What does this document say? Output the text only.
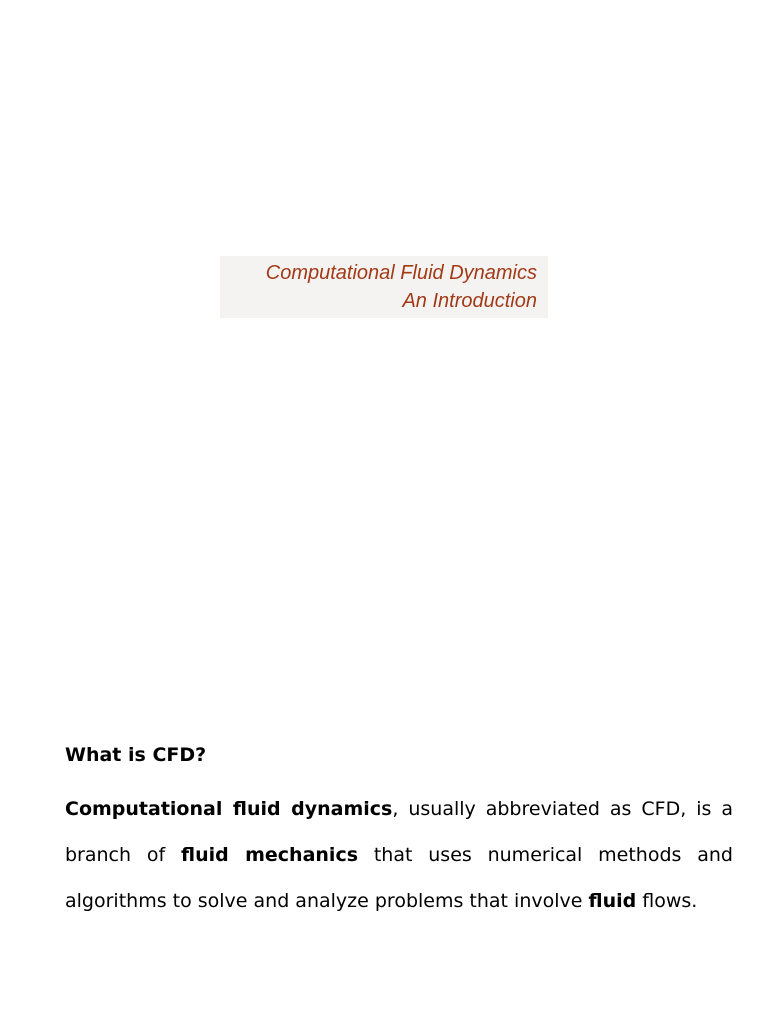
Computational Fluid Dynamics
An Introduction
What is CFD?

Computational fluid dynamics, usually abbreviated as CFD, is a branch of fluid mechanics that uses numerical methods and algorithms to solve and analyze problems that involve fluid flows.
